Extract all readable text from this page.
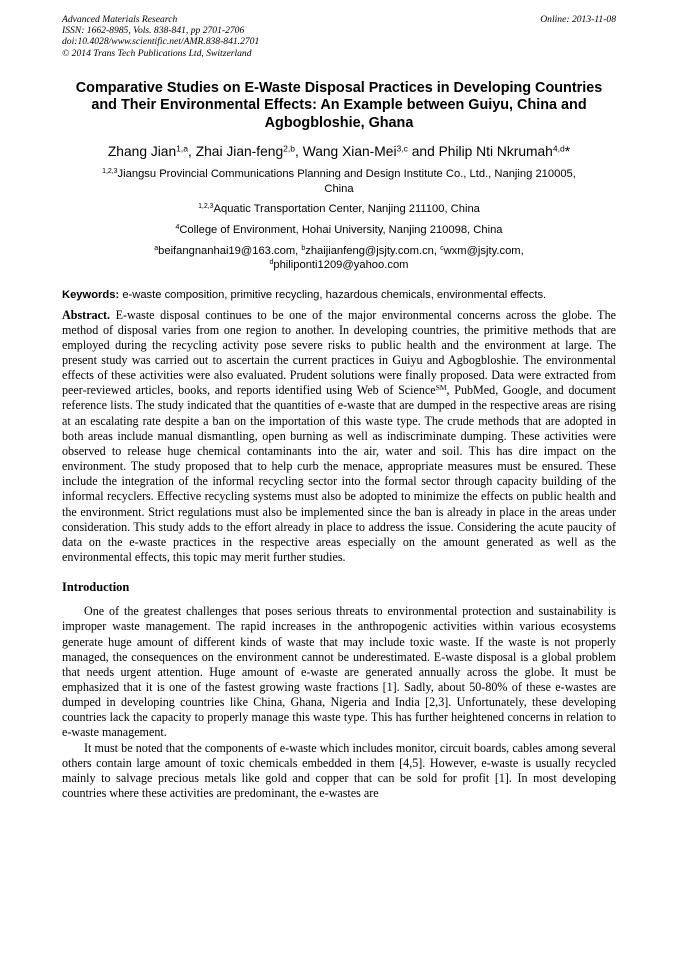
Advanced Materials Research
ISSN: 1662-8985, Vols. 838-841, pp 2701-2706
doi:10.4028/www.scientific.net/AMR.838-841.2701
© 2014 Trans Tech Publications Ltd, Switzerland
Online: 2013-11-08
Comparative Studies on E-Waste Disposal Practices in Developing Countries and Their Environmental Effects: An Example between Guiyu, China and Agbogbloshie, Ghana
Zhang Jian$^{1,a}$, Zhai Jian-feng$^{2,b}$, Wang Xian-Mei$^{3,c}$ and Philip Nti Nkrumah$^{4,d}$*
$^{1,2,3}$Jiangsu Provincial Communications Planning and Design Institute Co., Ltd., Nanjing 210005,
China
$^{1,2,3}$Aquatic Transportation Center, Nanjing 211100, China
$^4$College of Environment, Hohai University, Nanjing 210098, China
$^a$beifangnanhai19@163.com, $^b$zhaijianfeng@jsjty.com.cn, $^c$wxm@jsjty.com,
$^d$philiponti1209@yahoo.com
Keywords: e-waste composition, primitive recycling, hazardous chemicals, environmental effects.
Abstract. E-waste disposal continues to be one of the major environmental concerns across the globe. The method of disposal varies from one region to another. In developing countries, the primitive methods that are employed during the recycling activity pose severe risks to public health and the environment at large. The present study was carried out to ascertain the current practices in Guiyu and Agbogbloshie. The environmental effects of these activities were also evaluated. Prudent solutions were finally proposed. Data were extracted from peer-reviewed articles, books, and reports identified using Web of Science℠, PubMed, Google, and document reference lists. The study indicated that the quantities of e-waste that are dumped in the respective areas are rising at an escalating rate despite a ban on the importation of this waste type. The crude methods that are adopted in both areas include manual dismantling, open burning as well as indiscriminate dumping. These activities were observed to release huge chemical contaminants into the air, water and soil. This has dire impact on the environment. The study proposed that to help curb the menace, appropriate measures must be ensured. These include the integration of the informal recycling sector into the formal sector through capacity building of the informal recyclers. Effective recycling systems must also be adopted to minimize the effects on public health and the environment. Strict regulations must also be implemented since the ban is already in place in the areas under consideration. This study adds to the effort already in place to address the issue. Considering the acute paucity of data on the e-waste practices in the respective areas especially on the amount generated as well as the environmental effects, this topic may merit further studies.
Introduction

One of the greatest challenges that poses serious threats to environmental protection and sustainability is improper waste management. The rapid increases in the anthropogenic activities within various ecosystems generate huge amount of different kinds of waste that may include toxic waste. If the waste is not properly managed, the consequences on the environment cannot be underestimated. E-waste disposal is a global problem that needs urgent attention. Huge amount of e-waste are generated annually across the globe. It must be emphasized that it is one of the fastest growing waste fractions [1]. Sadly, about 50-80% of these e-wastes are dumped in developing countries like China, Ghana, Nigeria and India [2,3]. Unfortunately, these developing countries lack the capacity to properly manage this waste type. This has further heightened concerns in relation to e-waste management.

It must be noted that the components of e-waste which includes monitor, circuit boards, cables among several others contain large amount of toxic chemicals embedded in them [4,5]. However, e-waste is usually recycled mainly to salvage precious metals like gold and copper that can be sold for profit [1]. In most developing countries where these activities are predominant, the e-wastes are
